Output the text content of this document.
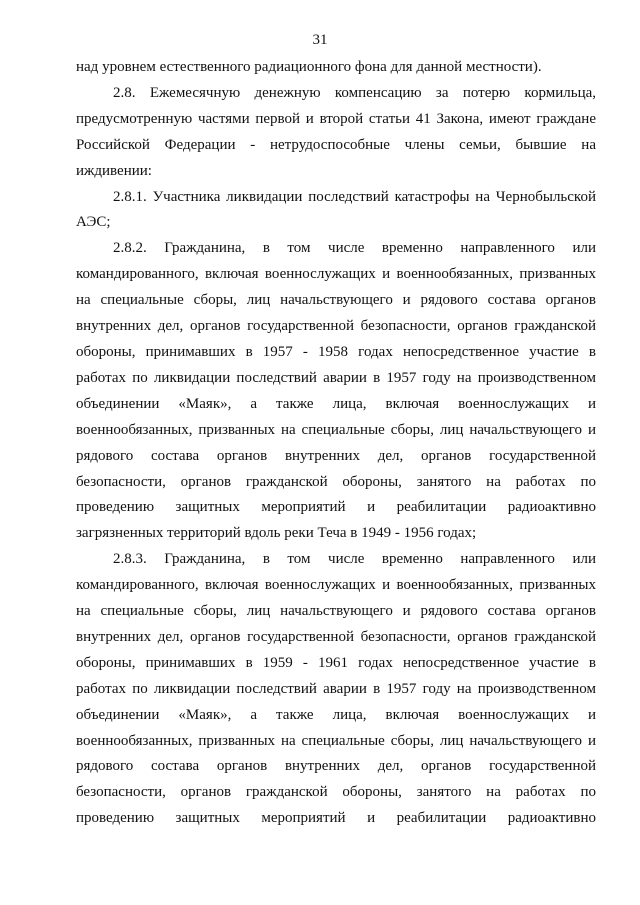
31
над уровнем естественного радиационного фона для данной местности).
2.8. Ежемесячную денежную компенсацию за потерю кормильца,
предусмотренную частями первой и второй статьи 41 Закона, имеют граждане
Российской Федерации - нетрудоспособные члены семьи, бывшие на
иждивении:
2.8.1. Участника ликвидации последствий катастрофы на Чернобыльской
АЭС;
2.8.2. Гражданина, в том числе временно направленного или
командированного, включая военнослужащих и военнообязанных, призванных
на специальные сборы, лиц начальствующего и рядового состава органов
внутренних дел, органов государственной безопасности, органов гражданской
обороны, принимавших в 1957 - 1958 годах непосредственное участие в
работах по ликвидации последствий аварии в 1957 году на производственном
объединении «Маяк», а также лица, включая военнослужащих и
военнообязанных, призванных на специальные сборы, лиц начальствующего и
рядового состава органов внутренних дел, органов государственной
безопасности, органов гражданской обороны, занятого на работах по
проведению защитных мероприятий и реабилитации радиоактивно
загрязненных территорий вдоль реки Теча в 1949 - 1956 годах;
2.8.3. Гражданина, в том числе временно направленного или
командированного, включая военнослужащих и военнообязанных, призванных
на специальные сборы, лиц начальствующего и рядового состава органов
внутренних дел, органов государственной безопасности, органов гражданской
обороны, принимавших в 1959 - 1961 годах непосредственное участие в
работах по ликвидации последствий аварии в 1957 году на производственном
объединении «Маяк», а также лица, включая военнослужащих и
военнообязанных, призванных на специальные сборы, лиц начальствующего и
рядового состава органов внутренних дел, органов государственной
безопасности, органов гражданской обороны, занятого на работах по
проведению защитных мероприятий и реабилитации радиоактивно
